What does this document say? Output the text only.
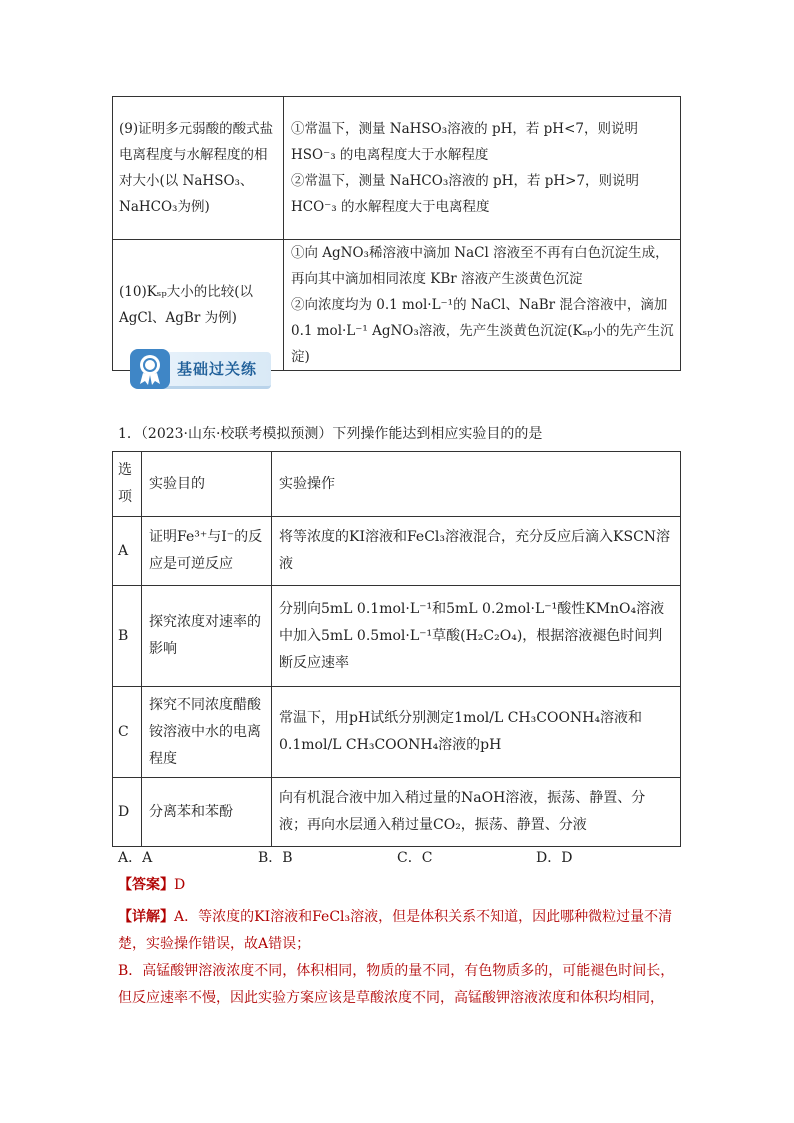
(9)证明多元弱酸的酸式盐电离程度与水解程度的相对大小(以 NaHSO₃、NaHCO₃为例)	①常温下，测量 NaHSO₃溶液的 pH，若 pH<7，则说明 HSO⁻₃ 的电离程度大于水解程度
②常温下，测量 NaHCO₃溶液的 pH，若 pH>7，则说明 HCO⁻₃ 的水解程度大于电离程度

(10)Kₛₚ大小的比较(以 AgCl、AgBr 为例)	①向 AgNO₃稀溶液中滴加 NaCl 溶液至不再有白色沉淀生成，再向其中滴加相同浓度 KBr 溶液产生淡黄色沉淀
②向浓度均为 0.1 mol·L⁻¹的 NaCl、NaBr 混合溶液中，滴加 0.1 mol·L⁻¹ AgNO₃溶液，先产生淡黄色沉淀(Kₛₚ小的先产生沉淀)
基础过关练
1．（2023·山东·校联考模拟预测）下列操作能达到相应实验目的的是
选项	实验目的	实验操作
A	证明Fe³⁺与I⁻的反应是可逆反应	将等浓度的KI溶液和FeCl₃溶液混合，充分反应后滴入KSCN溶液
B	探究浓度对速率的影响	分别向5mL 0.1mol·L⁻¹和5mL 0.2mol·L⁻¹酸性KMnO₄溶液中加入5mL 0.5mol·L⁻¹草酸(H₂C₂O₄)，根据溶液褪色时间判断反应速率
C	探究不同浓度醋酸铵溶液中水的电离程度	常温下，用pH试纸分别测定1mol/L CH₃COONH₄溶液和0.1mol/L CH₃COONH₄溶液的pH
D	分离苯和苯酚	向有机混合液中加入稍过量的NaOH溶液，振荡、静置、分液；再向水层通入稍过量CO₂，振荡、静置、分液
A．A	B．B	C．C	D．D
【答案】D
【详解】A．等浓度的KI溶液和FeCl₃溶液，但是体积关系不知道，因此哪种微粒过量不清楚，实验操作错误，故A错误；
B．高锰酸钾溶液浓度不同，体积相同，物质的量不同，有色物质多的，可能褪色时间长，但反应速率不慢，因此实验方案应该是草酸浓度不同，高锰酸钾溶液浓度和体积均相同，
